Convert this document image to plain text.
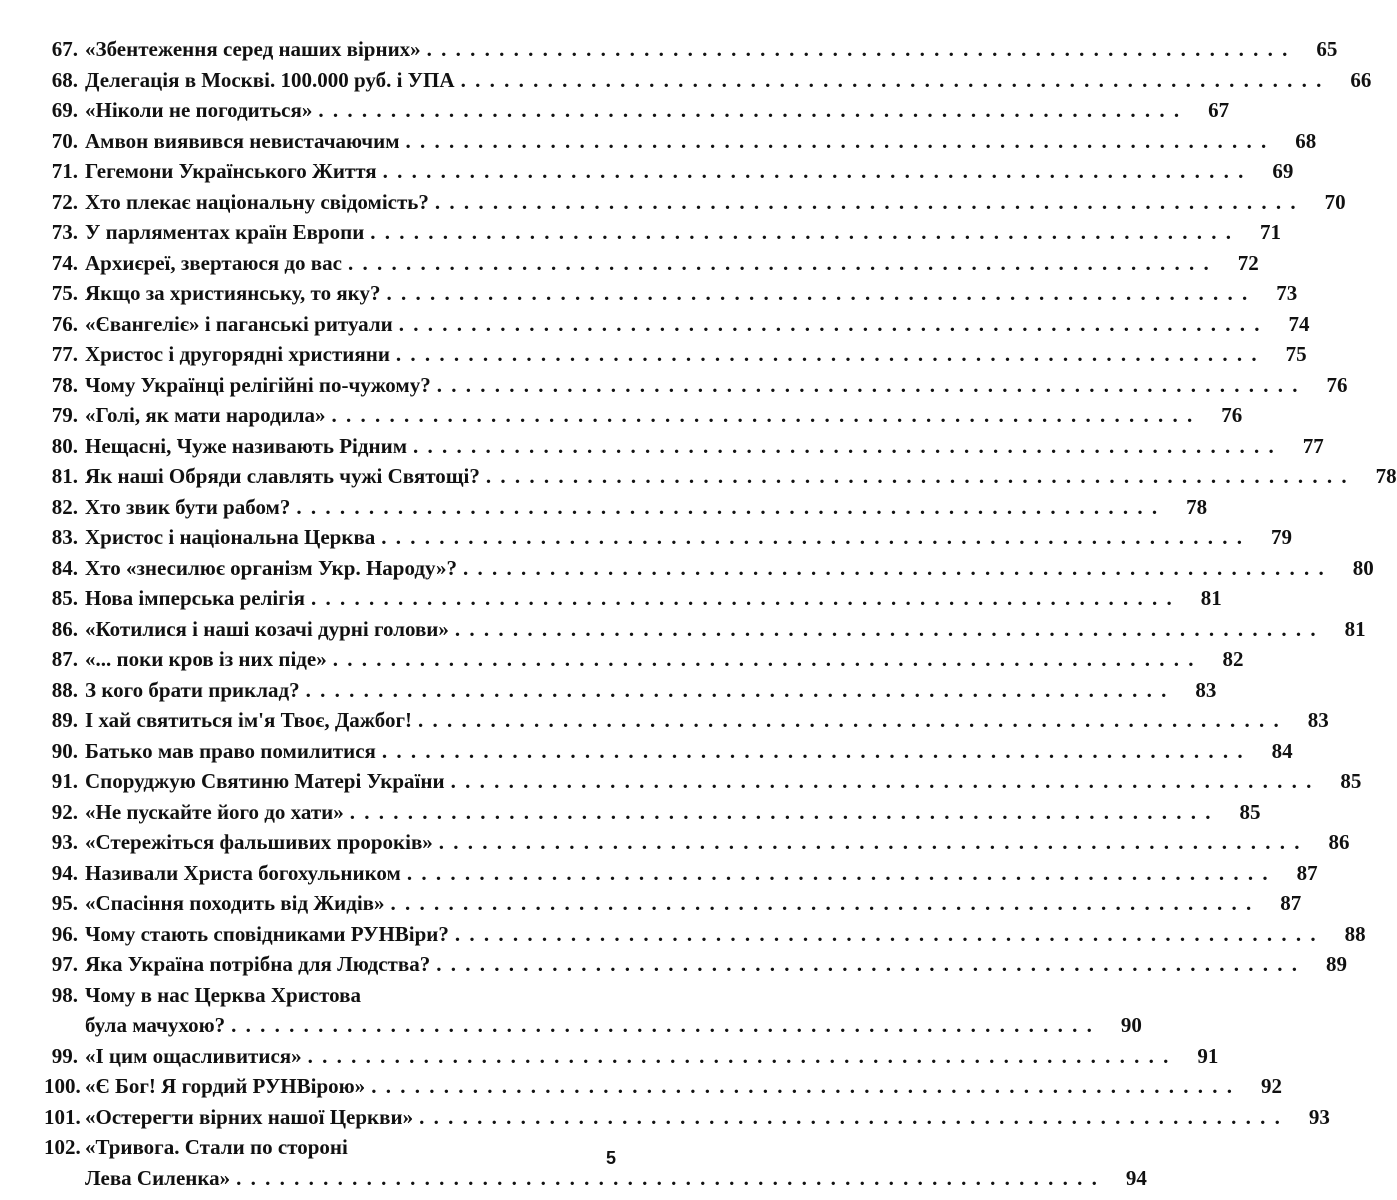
67. «Збентеження серед наших вірних» . . . . . . . . . . . . . . . . . . . . . . . . . . . . . . . . . . . . . . . . . . . . . . . . . . . . . . . . . . . .	65
68. Делегація в Москві. 100.000 руб. і УПА . . . . . . . . . . . . . . . . . . . . . . . . . . . . . . . . . . . . . . . . . . . . . . . . . . . . . . . . . . . .	66
69. «Ніколи не погодиться» . . . . . . . . . . . . . . . . . . . . . . . . . . . . . . . . . . . . . . . . . . . . . . . . . . . . . . . . . . . .	67
70. Амвон виявився невистачаючим . . . . . . . . . . . . . . . . . . . . . . . . . . . . . . . . . . . . . . . . . . . . . . . . . . . . . . . . . . . .	68
71. Гегемони Українського Життя . . . . . . . . . . . . . . . . . . . . . . . . . . . . . . . . . . . . . . . . . . . . . . . . . . . . . . . . . . . .	69
72. Хто плекає національну свідомість? . . . . . . . . . . . . . . . . . . . . . . . . . . . . . . . . . . . . . . . . . . . . . . . . . . . . . . . . . . . .	70
73. У парляментах країн Европи . . . . . . . . . . . . . . . . . . . . . . . . . . . . . . . . . . . . . . . . . . . . . . . . . . . . . . . . . . . .	71
74. Архиєреї, звертаюся до вас . . . . . . . . . . . . . . . . . . . . . . . . . . . . . . . . . . . . . . . . . . . . . . . . . . . . . . . . . . . .	72
75. Якщо за християнську, то яку? . . . . . . . . . . . . . . . . . . . . . . . . . . . . . . . . . . . . . . . . . . . . . . . . . . . . . . . . . . . .	73
76. «Євангеліє» і паганські ритуали . . . . . . . . . . . . . . . . . . . . . . . . . . . . . . . . . . . . . . . . . . . . . . . . . . . . . . . . . . . .	74
77. Христос і другорядні християни . . . . . . . . . . . . . . . . . . . . . . . . . . . . . . . . . . . . . . . . . . . . . . . . . . . . . . . . . . . .	75
78. Чому Українці релігійні по-чужому? . . . . . . . . . . . . . . . . . . . . . . . . . . . . . . . . . . . . . . . . . . . . . . . . . . . . . . . . . . . .	76
79. «Голі, як мати народила» . . . . . . . . . . . . . . . . . . . . . . . . . . . . . . . . . . . . . . . . . . . . . . . . . . . . . . . . . . . .	76
80. Нещасні, Чуже називають Рідним . . . . . . . . . . . . . . . . . . . . . . . . . . . . . . . . . . . . . . . . . . . . . . . . . . . . . . . . . . . .	77
81. Як наші Обряди славлять чужі Святощі? . . . . . . . . . . . . . . . . . . . . . . . . . . . . . . . . . . . . . . . . . . . . . . . . . . . . . . . . . . . .	78
82. Хто звик бути рабом? . . . . . . . . . . . . . . . . . . . . . . . . . . . . . . . . . . . . . . . . . . . . . . . . . . . . . . . . . . . .	78
83. Христос і національна Церква . . . . . . . . . . . . . . . . . . . . . . . . . . . . . . . . . . . . . . . . . . . . . . . . . . . . . . . . . . . .	79
84. Хто «знесилює організм Укр. Народу»? . . . . . . . . . . . . . . . . . . . . . . . . . . . . . . . . . . . . . . . . . . . . . . . . . . . . . . . . . . . .	80
85. Нова імперська релігія . . . . . . . . . . . . . . . . . . . . . . . . . . . . . . . . . . . . . . . . . . . . . . . . . . . . . . . . . . . .	81
86. «Котилися і наші козачі дурні голови» . . . . . . . . . . . . . . . . . . . . . . . . . . . . . . . . . . . . . . . . . . . . . . . . . . . . . . . . . . . .	81
87. «... поки кров із них піде» . . . . . . . . . . . . . . . . . . . . . . . . . . . . . . . . . . . . . . . . . . . . . . . . . . . . . . . . . . . .	82
88. З кого брати приклад? . . . . . . . . . . . . . . . . . . . . . . . . . . . . . . . . . . . . . . . . . . . . . . . . . . . . . . . . . . . .	83
89. І хай святиться ім'я Твоє, Дажбог! . . . . . . . . . . . . . . . . . . . . . . . . . . . . . . . . . . . . . . . . . . . . . . . . . . . . . . . . . . . .	83
90. Батько мав право помилитися . . . . . . . . . . . . . . . . . . . . . . . . . . . . . . . . . . . . . . . . . . . . . . . . . . . . . . . . . . . .	84
91. Споруджую Святиню Матері України . . . . . . . . . . . . . . . . . . . . . . . . . . . . . . . . . . . . . . . . . . . . . . . . . . . . . . . . . . . .	85
92. «Не пускайте його до хати» . . . . . . . . . . . . . . . . . . . . . . . . . . . . . . . . . . . . . . . . . . . . . . . . . . . . . . . . . . . .	85
93. «Стережіться фальшивих пророків» . . . . . . . . . . . . . . . . . . . . . . . . . . . . . . . . . . . . . . . . . . . . . . . . . . . . . . . . . . . .	86
94. Називали Христа богохульником . . . . . . . . . . . . . . . . . . . . . . . . . . . . . . . . . . . . . . . . . . . . . . . . . . . . . . . . . . . .	87
95. «Спасіння походить від Жидів» . . . . . . . . . . . . . . . . . . . . . . . . . . . . . . . . . . . . . . . . . . . . . . . . . . . . . . . . . . . .	87
96. Чому стають сповідниками РУНВіри? . . . . . . . . . . . . . . . . . . . . . . . . . . . . . . . . . . . . . . . . . . . . . . . . . . . . . . . . . . . .	88
97. Яка Україна потрібна для Людства? . . . . . . . . . . . . . . . . . . . . . . . . . . . . . . . . . . . . . . . . . . . . . . . . . . . . . . . . . . . .	89
98. Чому в нас Церква Христова
була мачухою? . . . . . . . . . . . . . . . . . . . . . . . . . . . . . . . . . . . . . . . . . . . . . . . . . . . . . . . . . . . .	90
99. «І цим ощасливитися» . . . . . . . . . . . . . . . . . . . . . . . . . . . . . . . . . . . . . . . . . . . . . . . . . . . . . . . . . . . .	91
100. «Є Бог! Я гордий РУНВірою» . . . . . . . . . . . . . . . . . . . . . . . . . . . . . . . . . . . . . . . . . . . . . . . . . . . . . . . . . . . .	92
101. «Остерегти вірних нашої Церкви» . . . . . . . . . . . . . . . . . . . . . . . . . . . . . . . . . . . . . . . . . . . . . . . . . . . . . . . . . . . .	93
102. «Тривога. Стали по стороні
Лева Силенка» . . . . . . . . . . . . . . . . . . . . . . . . . . . . . . . . . . . . . . . . . . . . . . . . . . . . . . . . . . . .	94
5
